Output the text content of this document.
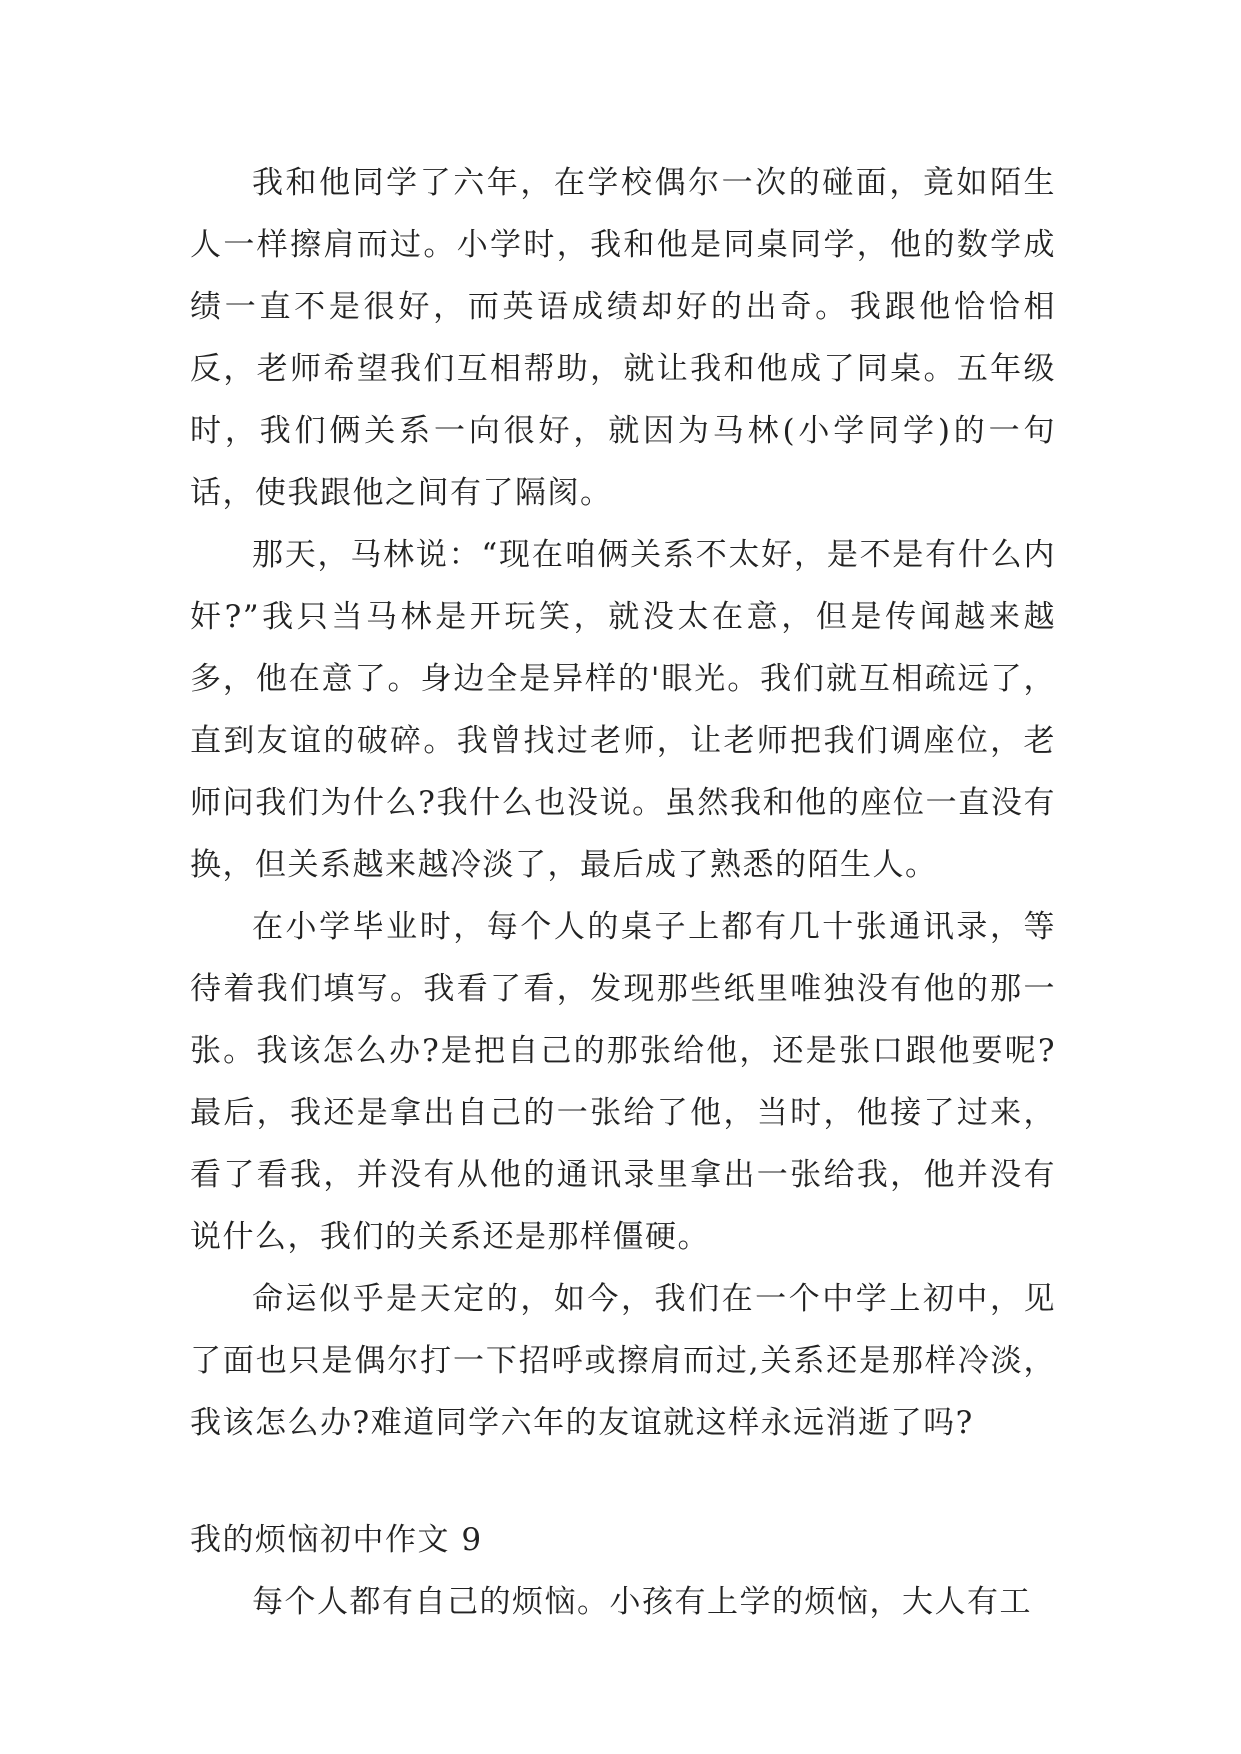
我和他同学了六年，在学校偶尔一次的碰面，竟如陌生人一样擦肩而过。小学时，我和他是同桌同学，他的数学成绩一直不是很好，而英语成绩却好的出奇。我跟他恰恰相反，老师希望我们互相帮助，就让我和他成了同桌。五年级时，我们俩关系一向很好，就因为马林(小学同学)的一句话，使我跟他之间有了隔阂。

那天，马林说：“现在咱俩关系不太好，是不是有什么内奸?”我只当马林是开玩笑，就没太在意，但是传闻越来越多，他在意了。身边全是异样的'眼光。我们就互相疏远了，直到友谊的破碎。我曾找过老师，让老师把我们调座位，老师问我们为什么?我什么也没说。虽然我和他的座位一直没有换，但关系越来越冷淡了，最后成了熟悉的陌生人。

在小学毕业时，每个人的桌子上都有几十张通讯录，等待着我们填写。我看了看，发现那些纸里唯独没有他的那一张。我该怎么办?是把自己的那张给他，还是张口跟他要呢?最后，我还是拿出自己的一张给了他，当时，他接了过来，看了看我，并没有从他的通讯录里拿出一张给我，他并没有说什么，我们的关系还是那样僵硬。

命运似乎是天定的，如今，我们在一个中学上初中，见了面也只是偶尔打一下招呼或擦肩而过,关系还是那样冷淡，我该怎么办?难道同学六年的友谊就这样永远消逝了吗?

我的烦恼初中作文 9

每个人都有自己的烦恼。小孩有上学的烦恼，大人有工
